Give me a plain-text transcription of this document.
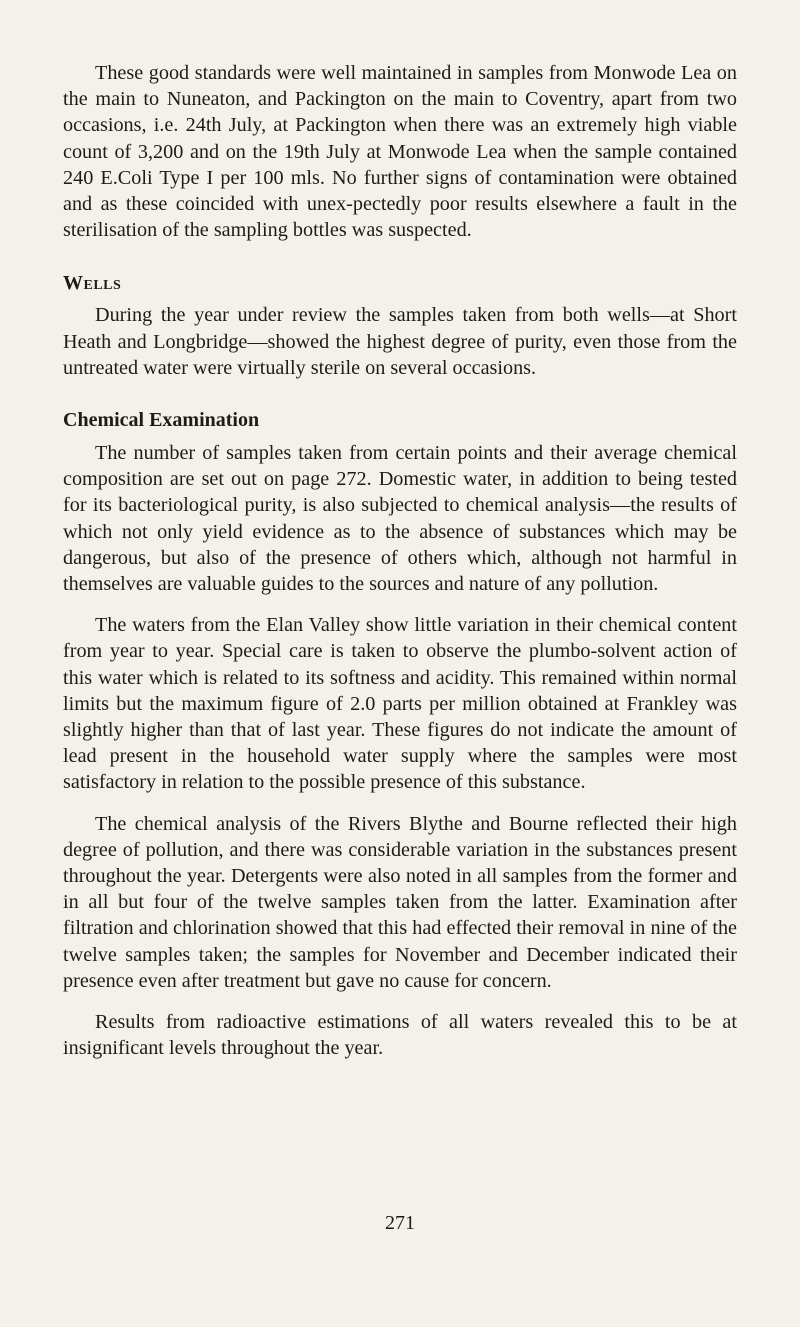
These good standards were well maintained in samples from Monwode Lea on the main to Nuneaton, and Packington on the main to Coventry, apart from two occasions, i.e. 24th July, at Packington when there was an extremely high viable count of 3,200 and on the 19th July at Monwode Lea when the sample contained 240 E.Coli Type I per 100 mls. No further signs of contamination were obtained and as these coincided with unex-pectedly poor results elsewhere a fault in the sterilisation of the sampling bottles was suspected.

Wells

During the year under review the samples taken from both wells—at Short Heath and Longbridge—showed the highest degree of purity, even those from the untreated water were virtually sterile on several occasions.

Chemical Examination

The number of samples taken from certain points and their average chemical composition are set out on page 272. Domestic water, in addition to being tested for its bacteriological purity, is also subjected to chemical analysis—the results of which not only yield evidence as to the absence of substances which may be dangerous, but also of the presence of others which, although not harmful in themselves are valuable guides to the sources and nature of any pollution.

The waters from the Elan Valley show little variation in their chemical content from year to year. Special care is taken to observe the plumbo-solvent action of this water which is related to its softness and acidity. This remained within normal limits but the maximum figure of 2.0 parts per million obtained at Frankley was slightly higher than that of last year. These figures do not indicate the amount of lead present in the household water supply where the samples were most satisfactory in relation to the possible presence of this substance.

The chemical analysis of the Rivers Blythe and Bourne reflected their high degree of pollution, and there was considerable variation in the substances present throughout the year. Detergents were also noted in all samples from the former and in all but four of the twelve samples taken from the latter. Examination after filtration and chlorination showed that this had effected their removal in nine of the twelve samples taken; the samples for November and December indicated their presence even after treatment but gave no cause for concern.

Results from radioactive estimations of all waters revealed this to be at insignificant levels throughout the year.

271
